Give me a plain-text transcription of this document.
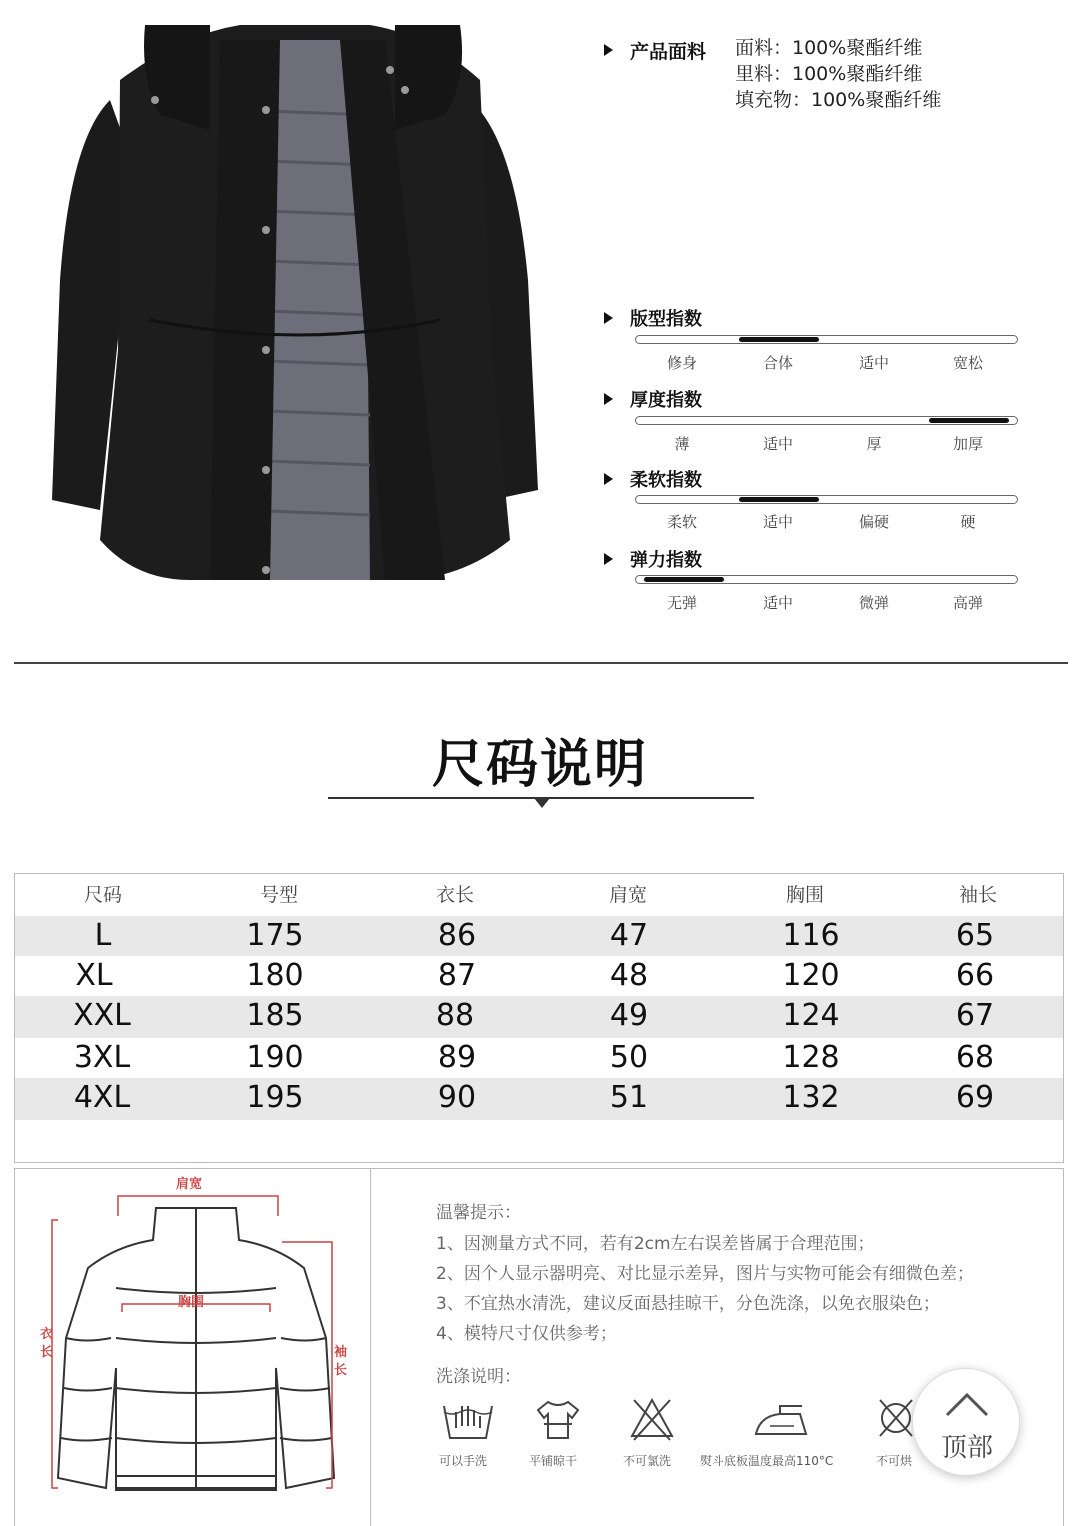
产品面料 面料：100%聚酯纤维
里料：100%聚酯纤维
填充物：100%聚酯纤维
版型指数
修身	合体	适中	宽松
厚度指数
薄	适中	厚	加厚
柔软指数
柔软	适中	偏硬	硬
弹力指数
无弹	适中	微弹	高弹
尺码说明
尺码	号型	衣长	肩宽	胸围	袖长
L	175	86	47	116	65
XL	180	87	48	120	66
XXL	185	88	49	124	67
3XL	190	89	50	128	68
4XL	195	90	51	132	69
肩宽
胸围
衣长	袖长
温馨提示：
1、因测量方式不同，若有2cm左右误差皆属于合理范围；
2、因个人显示器明亮、对比显示差异，图片与实物可能会有细微色差；
3、不宜热水清洗，建议反面悬挂晾干，分色洗涤，以免衣服染色；
4、模特尺寸仅供参考；
洗涤说明：
可以手洗	平铺晾干	不可氯洗 熨斗底板温度最高110°C	不可烘	顶部
